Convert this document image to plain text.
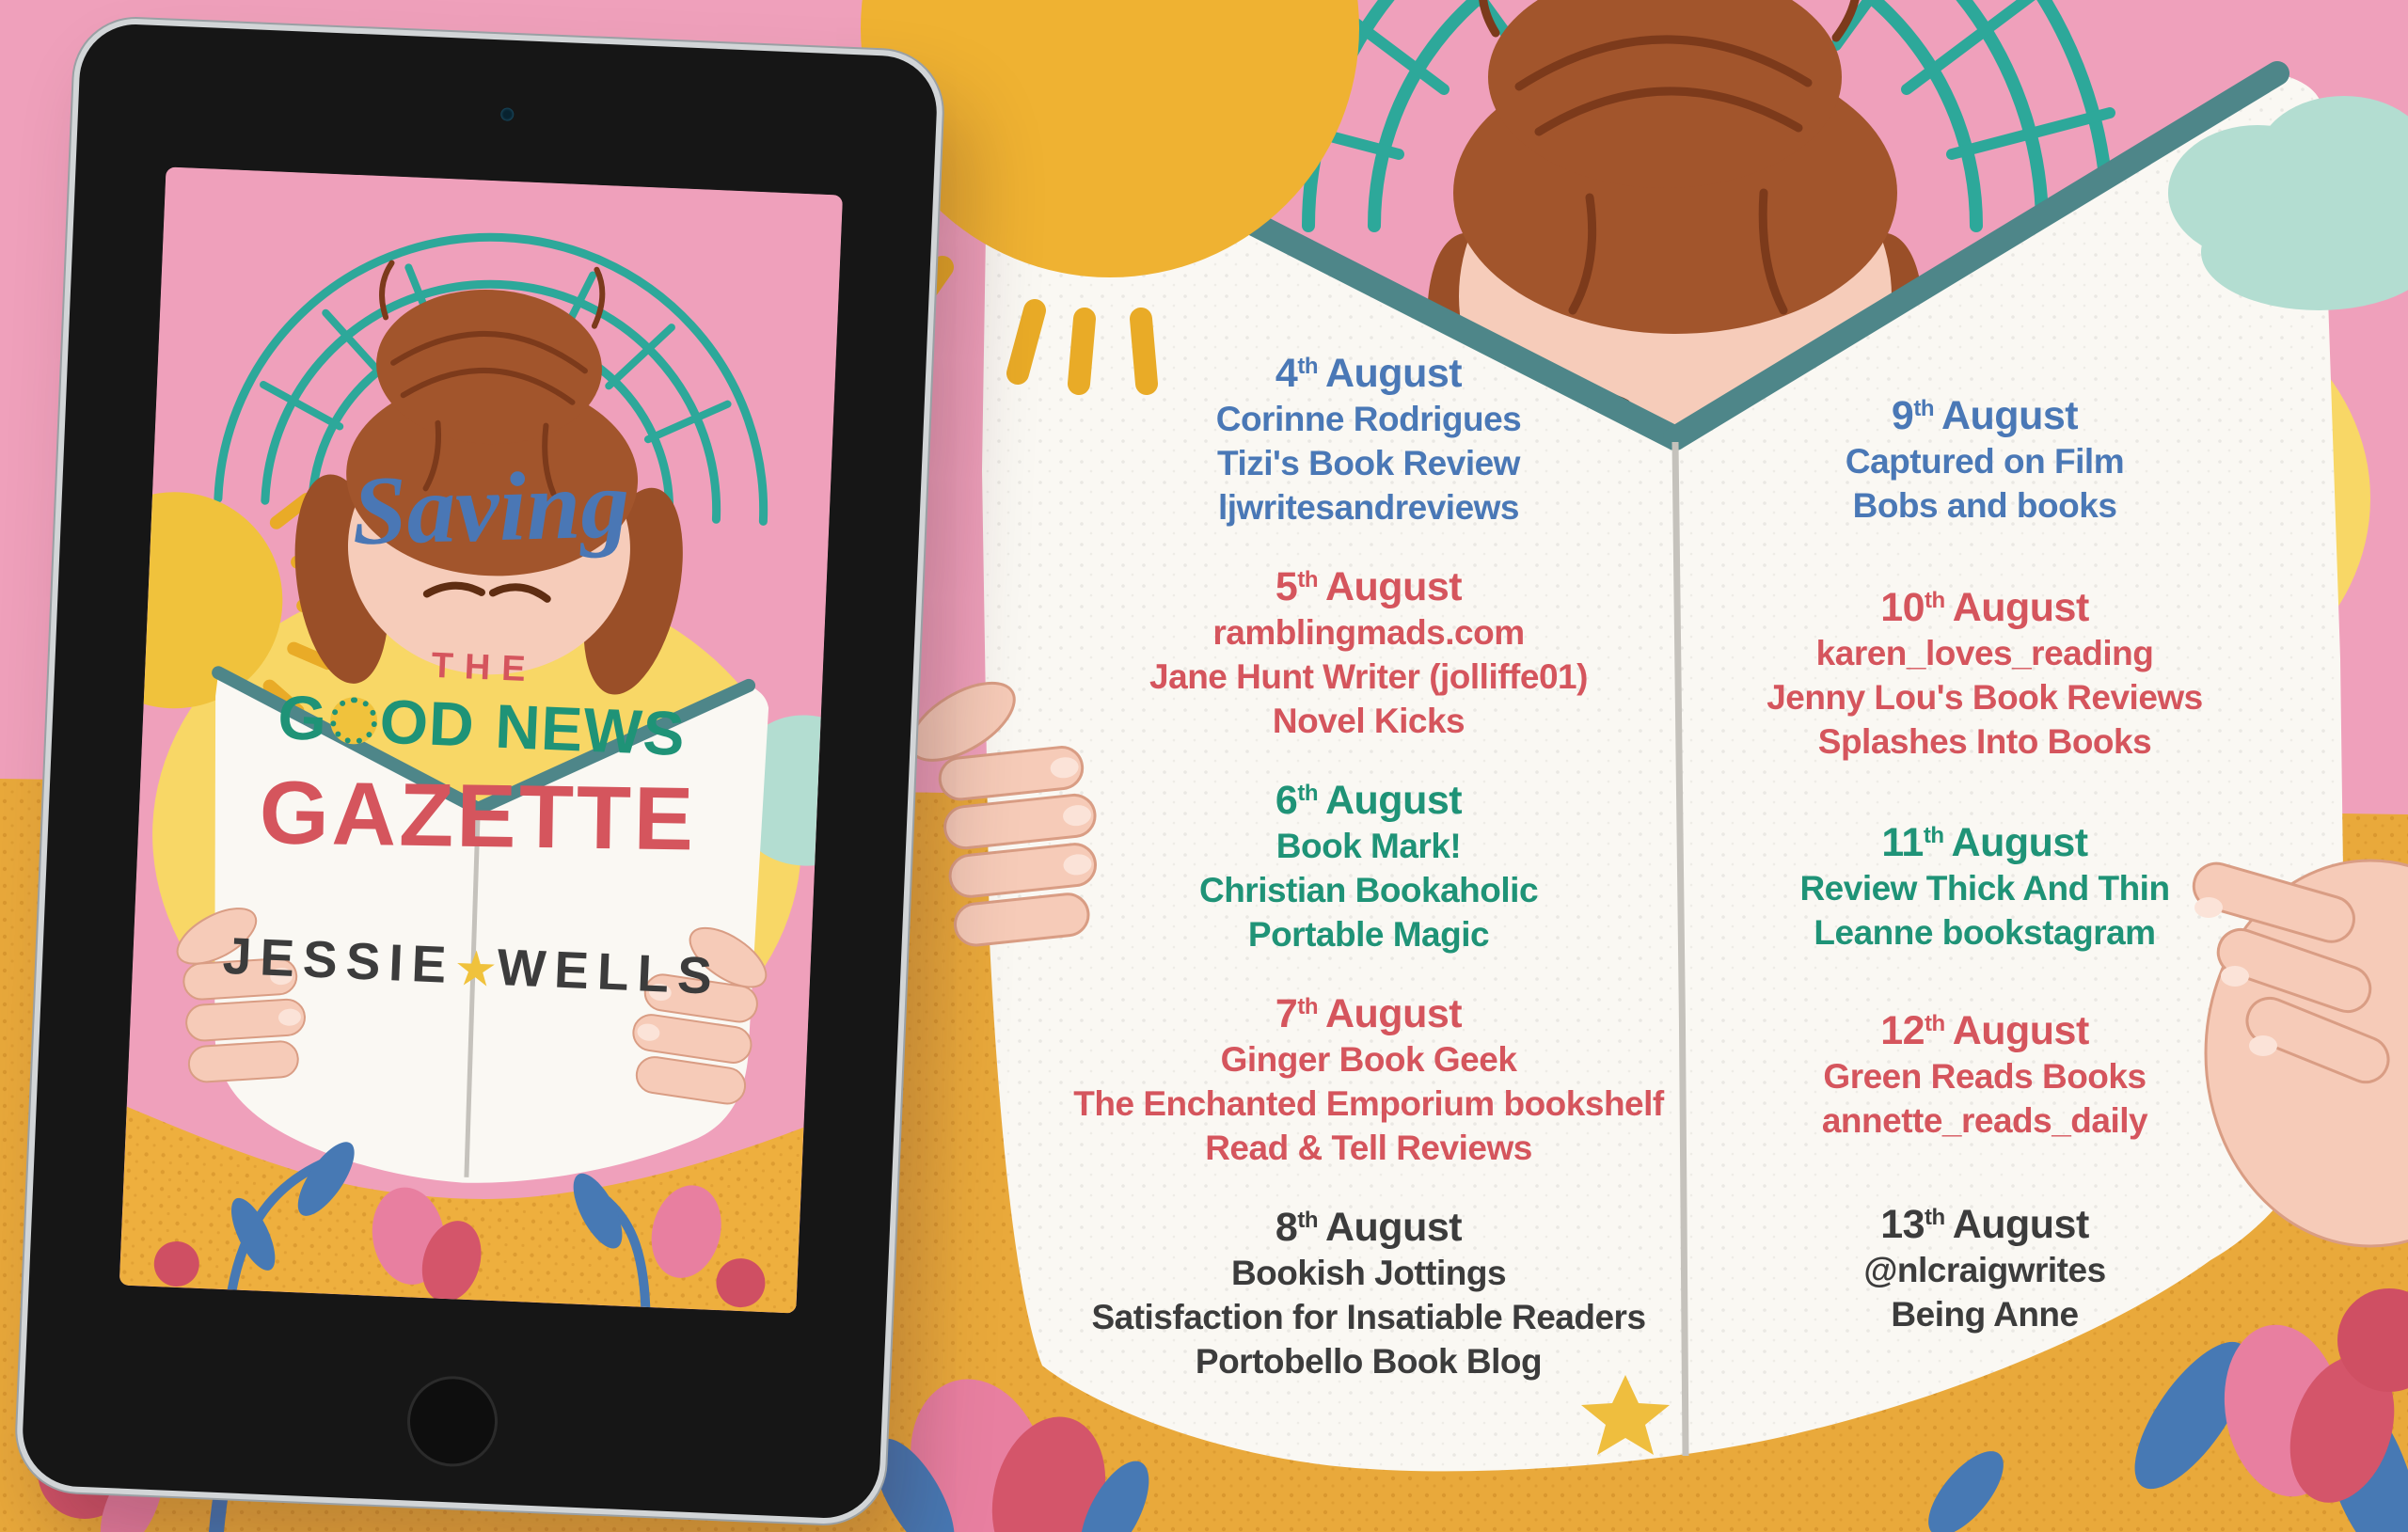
4th August
Corinne Rodrigues
Tizi's Book Review
ljwritesandreviews
5th August
ramblingmads.com
Jane Hunt Writer (jolliffe01)
Novel Kicks
6th August
Book Mark!
Christian Bookaholic
Portable Magic
7th August
Ginger Book Geek
The Enchanted Emporium bookshelf
Read & Tell Reviews
8th August
Bookish Jottings
Satisfaction for Insatiable Readers
Portobello Book Blog
9th August
Captured on Film
Bobs and books
10th August
karen_loves_reading
Jenny Lou's Book Reviews
Splashes Into Books
11th August
Review Thick And Thin
Leanne bookstagram
12th August
Green Reads Books
annette_reads_daily
13th August
@nlcraigwrites
Being Anne
Saving
THE
G OD NEWS
GAZETTE
JESSIE★WELLS
